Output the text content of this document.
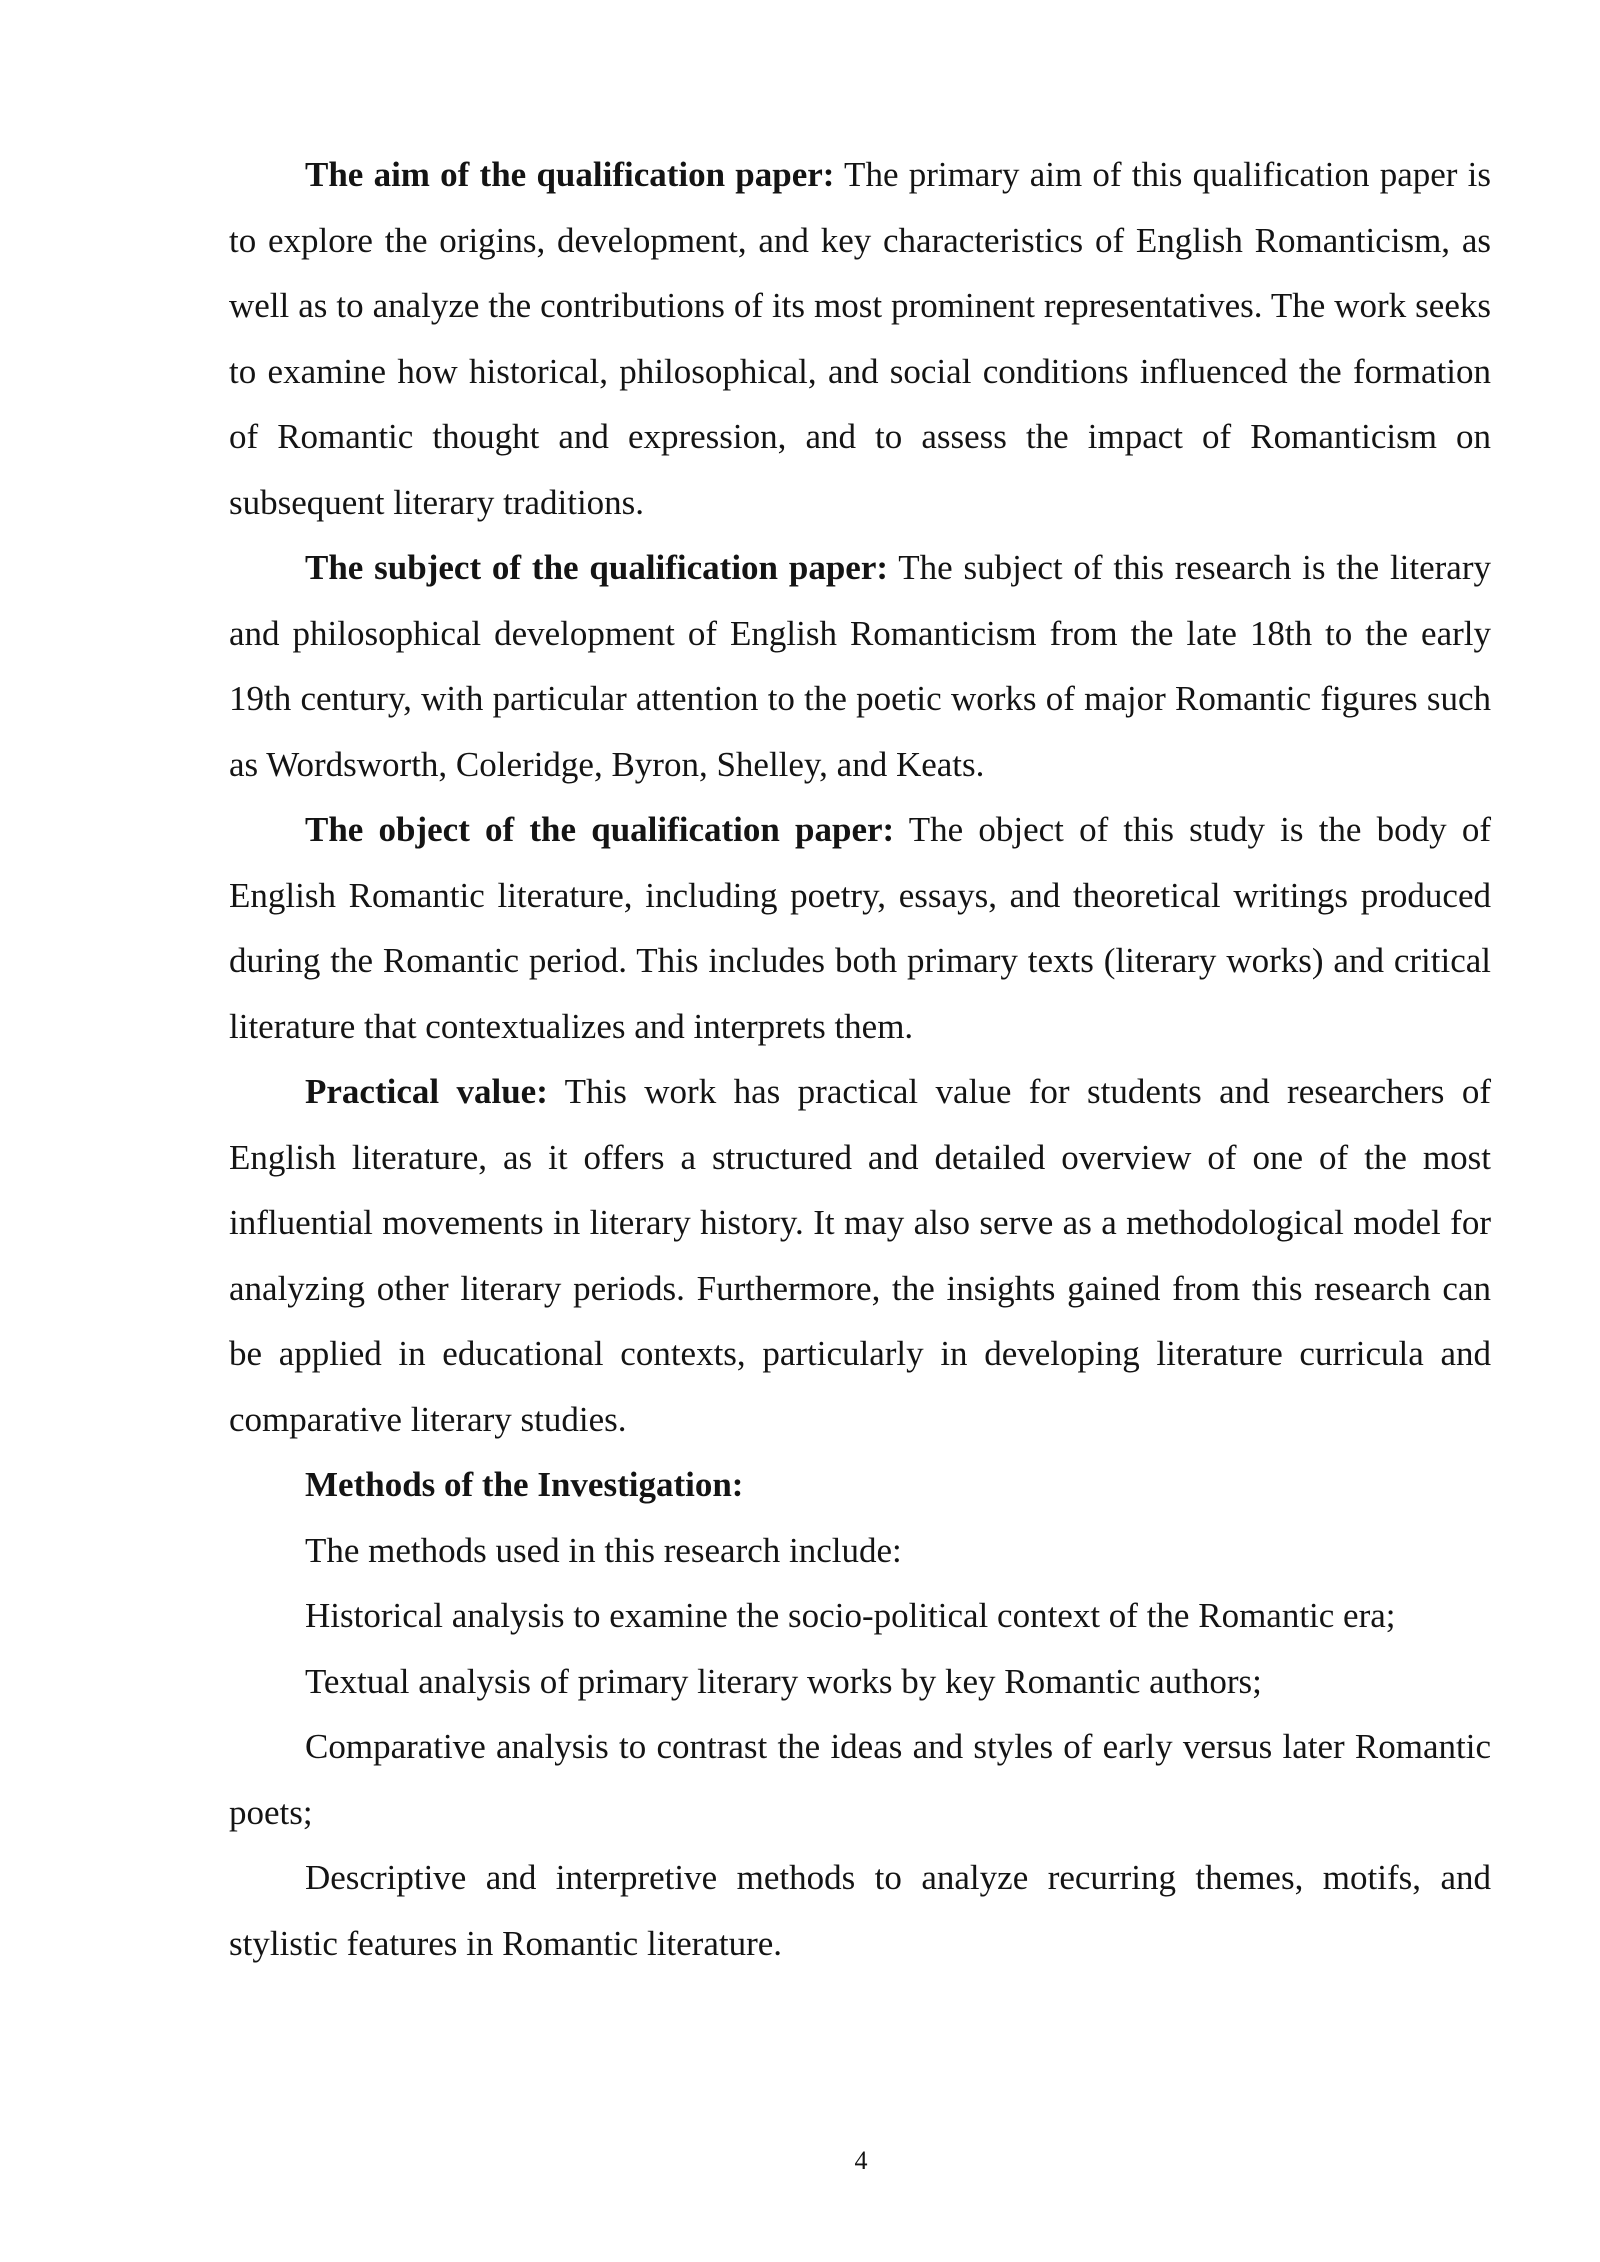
The aim of the qualification paper: The primary aim of this qualification paper is to explore the origins, development, and key characteristics of English Romanticism, as well as to analyze the contributions of its most prominent representatives. The work seeks to examine how historical, philosophical, and social conditions influenced the formation of Romantic thought and expression, and to assess the impact of Romanticism on subsequent literary traditions.

The subject of the qualification paper: The subject of this research is the literary and philosophical development of English Romanticism from the late 18th to the early 19th century, with particular attention to the poetic works of major Romantic figures such as Wordsworth, Coleridge, Byron, Shelley, and Keats.

The object of the qualification paper: The object of this study is the body of English Romantic literature, including poetry, essays, and theoretical writings produced during the Romantic period. This includes both primary texts (literary works) and critical literature that contextualizes and interprets them.

Practical value: This work has practical value for students and researchers of English literature, as it offers a structured and detailed overview of one of the most influential movements in literary history. It may also serve as a methodological model for analyzing other literary periods. Furthermore, the insights gained from this research can be applied in educational contexts, particularly in developing literature curricula and comparative literary studies.

Methods of the Investigation:

The methods used in this research include:

Historical analysis to examine the socio-political context of the Romantic era;

Textual analysis of primary literary works by key Romantic authors;

Comparative analysis to contrast the ideas and styles of early versus later Romantic poets;

Descriptive and interpretive methods to analyze recurring themes, motifs, and stylistic features in Romantic literature.

4
